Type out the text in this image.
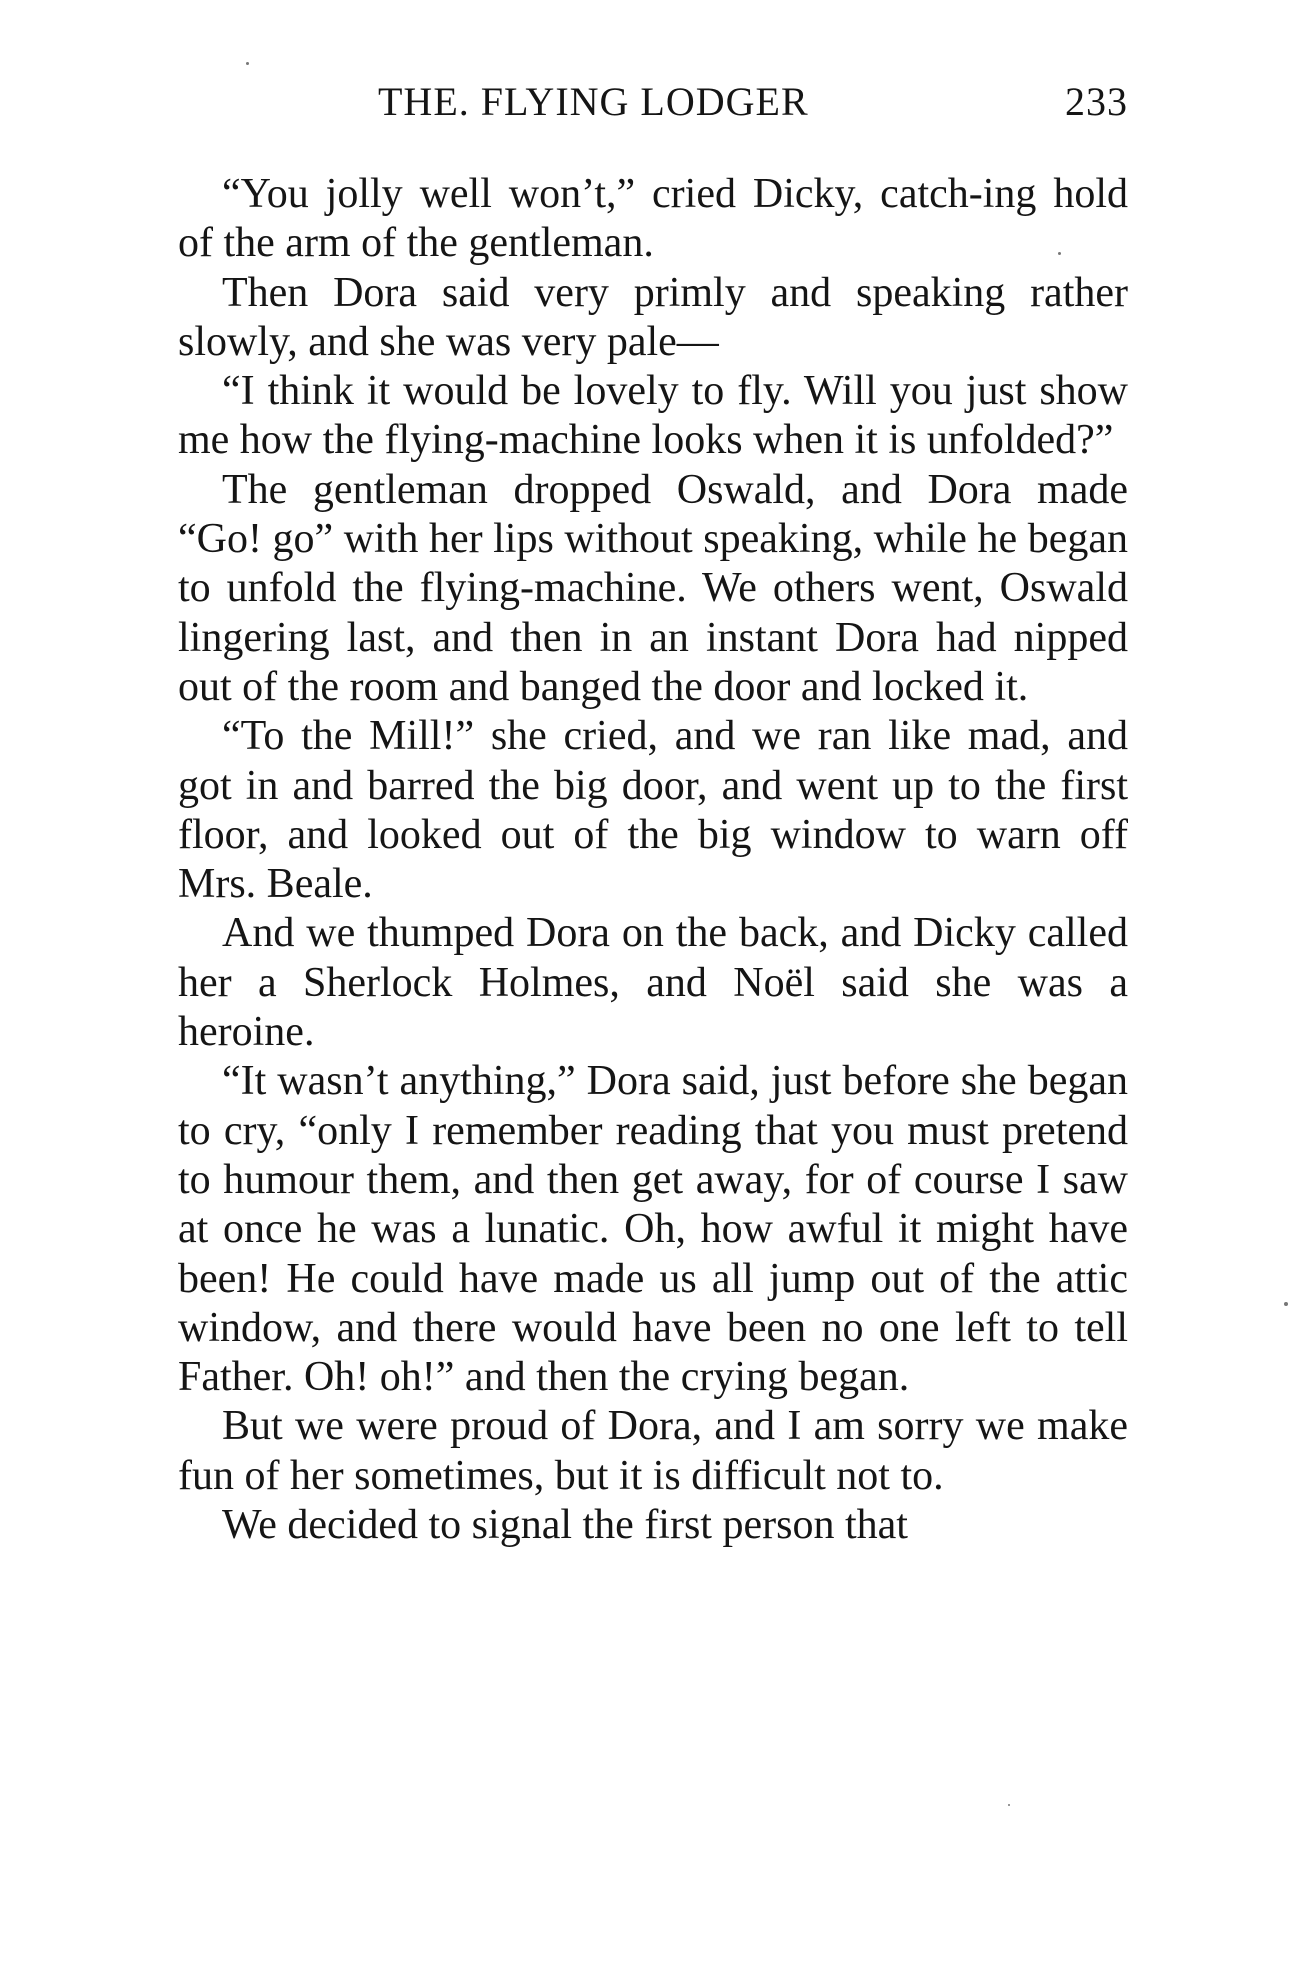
THE. FLYING LODGER	233

“You jolly well won’t,” cried Dicky, catch-ing hold of the arm of the gentleman.

Then Dora said very primly and speaking rather slowly, and she was very pale—

“I think it would be lovely to fly. Will you just show me how the flying-machine looks when it is unfolded?”

The gentleman dropped Oswald, and Dora made “Go! go” with her lips without speaking, while he began to unfold the flying-machine. We others went, Oswald lingering last, and then in an instant Dora had nipped out of the room and banged the door and locked it.

“To the Mill!” she cried, and we ran like mad, and got in and barred the big door, and went up to the first floor, and looked out of the big window to warn off Mrs. Beale.

And we thumped Dora on the back, and Dicky called her a Sherlock Holmes, and Noël said she was a heroine.

“It wasn’t anything,” Dora said, just before she began to cry, “only I remember reading that you must pretend to humour them, and then get away, for of course I saw at once he was a lunatic. Oh, how awful it might have been! He could have made us all jump out of the attic window, and there would have been no one left to tell Father. Oh! oh!” and then the crying began.

But we were proud of Dora, and I am sorry we make fun of her sometimes, but it is difficult not to.

We decided to signal the first person that
